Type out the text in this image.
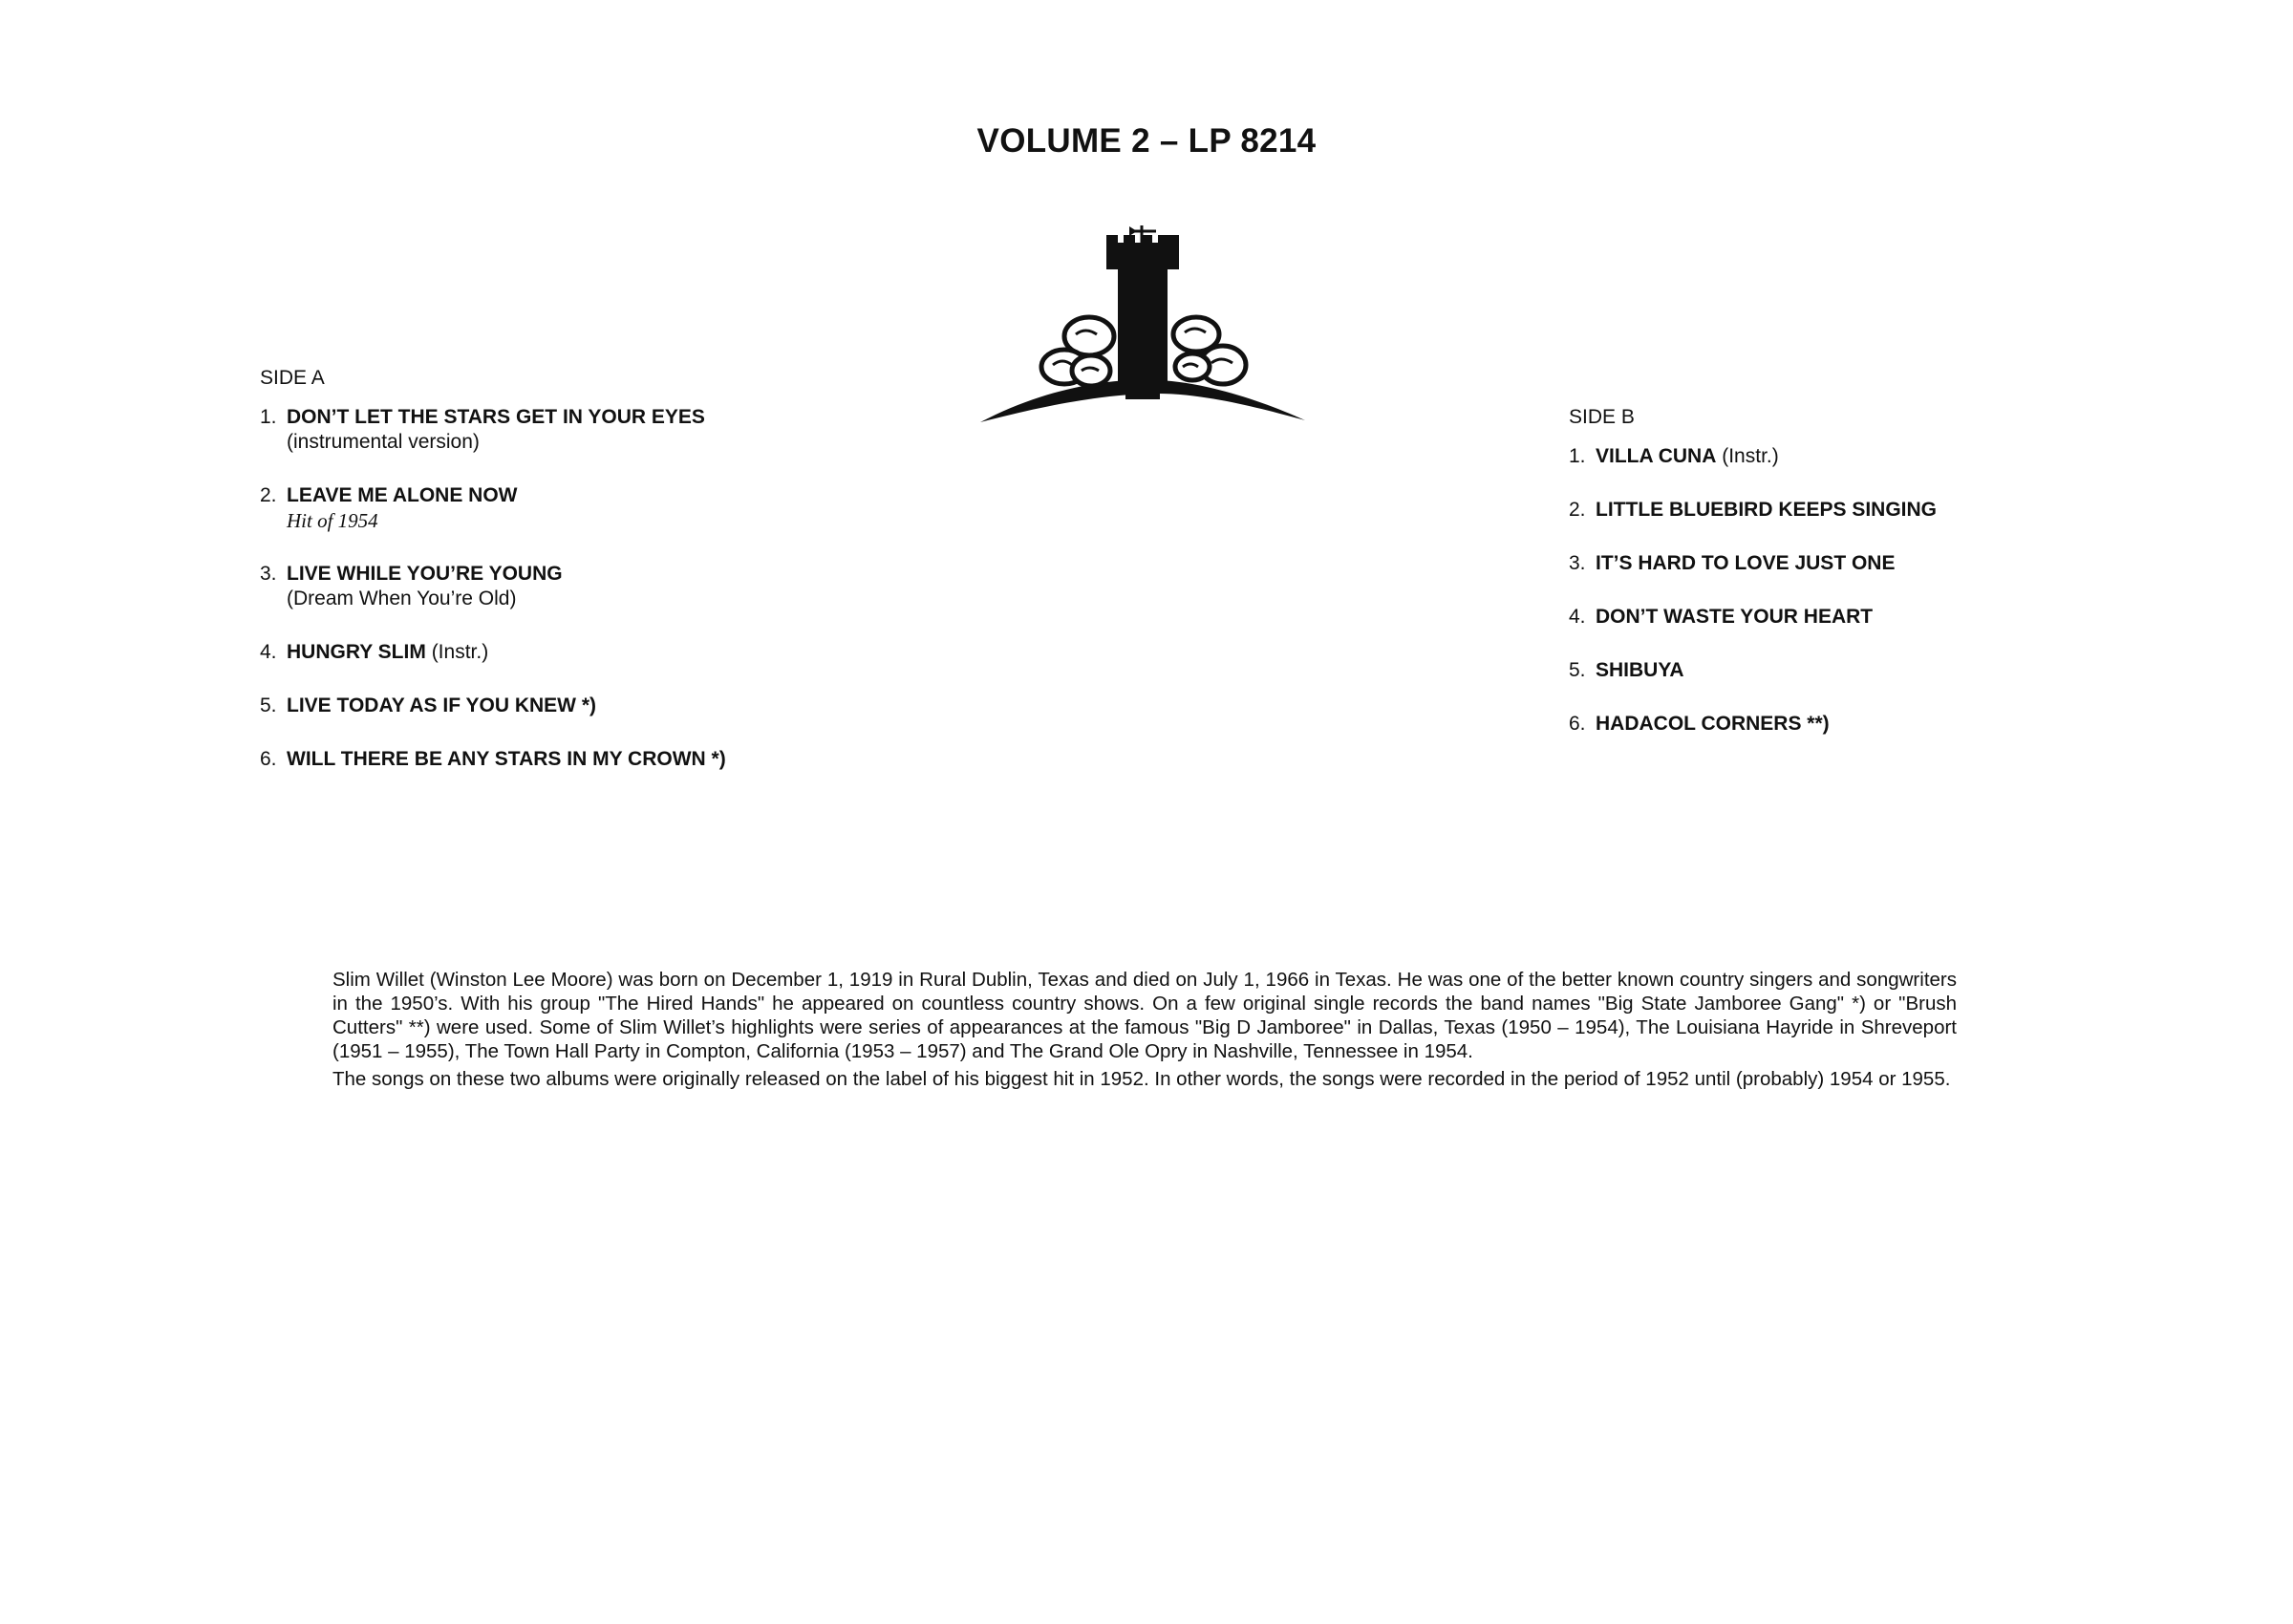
VOLUME 2 – LP 8214
SIDE A
1. DON’T LET THE STARS GET IN YOUR EYES
(instrumental version)
2. LEAVE ME ALONE NOW
Hit of 1954
3. LIVE WHILE YOU’RE YOUNG
(Dream When You’re Old)
4. HUNGRY SLIM (Instr.)
5. LIVE TODAY AS IF YOU KNEW *)
6. WILL THERE BE ANY STARS IN MY CROWN *)
SIDE B
1. VILLA CUNA (Instr.)
2. LITTLE BLUEBIRD KEEPS SINGING
3. IT’S HARD TO LOVE JUST ONE
4. DON’T WASTE YOUR HEART
5. SHIBUYA
6. HADACOL CORNERS **)

Slim Willet (Winston Lee Moore) was born on December 1, 1919 in Rural Dublin, Texas and died on July 1, 1966 in Texas. He was one of the better known country singers and songwriters in the 1950’s. With his group "The Hired Hands" he appeared on countless country shows. On a few original single records the band names "Big State Jamboree Gang" *) or "Brush Cutters" **) were used. Some of Slim Willet’s highlights were series of appearances at the famous "Big D Jamboree" in Dallas, Texas (1950 – 1954), The Louisiana Hayride in Shreveport (1951 – 1955), The Town Hall Party in Compton, California (1953 – 1957) and The Grand Ole Opry in Nashville, Tennessee in 1954.

The songs on these two albums were originally released on the label of his biggest hit in 1952. In other words, the songs were recorded in the period of 1952 until (probably) 1954 or 1955.
